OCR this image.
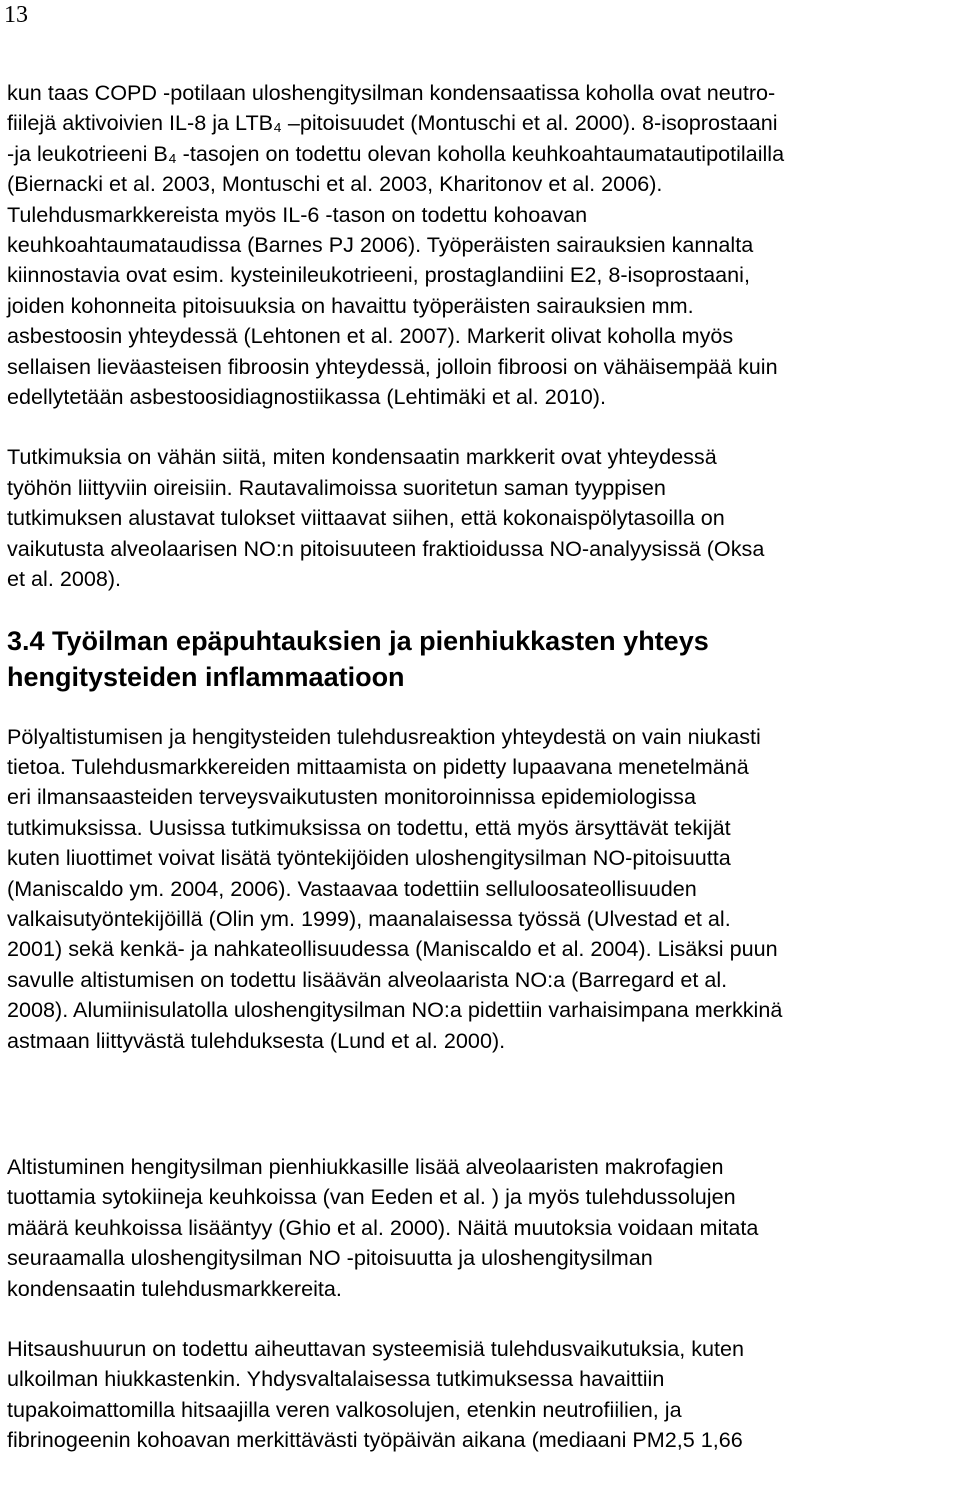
13

kun taas COPD -potilaan uloshengitysilman kondensaatissa koholla ovat neutro-
fiilejä aktivoivien IL-8 ja LTB₄ –pitoisuudet (Montuschi et al. 2000). 8-isoprostaani
-ja leukotrieeni B₄ -tasojen on todettu olevan koholla keuhkoahtaumatautipotilailla
(Biernacki et al. 2003, Montuschi et al. 2003, Kharitonov et al. 2006).
Tulehdusmarkkereista myös IL-6 -tason on todettu kohoavan
keuhkoahtaumataudissa (Barnes PJ 2006). Työperäisten sairauksien kannalta
kiinnostavia ovat esim. kysteinileukotrieeni, prostaglandiini E2, 8-isoprostaani,
joiden kohonneita pitoisuuksia on havaittu työperäisten sairauksien mm.
asbestoosin yhteydessä (Lehtonen et al. 2007). Markerit olivat koholla myös
sellaisen lieväasteisen fibroosin yhteydessä, jolloin fibroosi on vähäisempää kuin
edellytetään asbestoosidiagnostiikassa (Lehtimäki et al. 2010).

Tutkimuksia on vähän siitä, miten kondensaatin markkerit ovat yhteydessä
työhön liittyviin oireisiin. Rautavalimoissa suoritetun saman tyyppisen
tutkimuksen alustavat tulokset viittaavat siihen, että kokonaispölytasoilla on
vaikutusta alveolaarisen NO:n pitoisuuteen fraktioidussa NO-analyysissä (Oksa
et al. 2008).

3.4 Työilman epäpuhtauksien ja pienhiukkasten yhteys
hengitysteiden inflammaatioon

Pölyaltistumisen ja hengitysteiden tulehdusreaktion yhteydestä on vain niukasti
tietoa. Tulehdusmarkkereiden mittaamista on pidetty lupaavana menetelmänä
eri ilmansaasteiden terveysvaikutusten monitoroinnissa epidemiologissa
tutkimuksissa. Uusissa tutkimuksissa on todettu, että myös ärsyttävät tekijät
kuten liuottimet voivat lisätä työntekijöiden uloshengitysilman NO-pitoisuutta
(Maniscaldo ym. 2004, 2006). Vastaavaa todettiin selluloosateollisuuden
valkaisutyöntekijöillä (Olin ym. 1999), maanalaisessa työssä (Ulvestad et al.
2001) sekä kenkä- ja nahkateollisuudessa (Maniscaldo et al. 2004). Lisäksi puun
savulle altistumisen on todettu lisäävän alveolaarista NO:a (Barregard et al.
2008). Alumiinisulatolla uloshengitysilman NO:a pidettiin varhaisimpana merkkinä
astmaan liittyvästä tulehduksesta (Lund et al. 2000).

Altistuminen hengitysilman pienhiukkasille lisää alveolaaristen makrofagien
tuottamia sytokiineja keuhkoissa (van Eeden et al. ) ja myös tulehdussolujen
määrä keuhkoissa lisääntyy (Ghio et al. 2000). Näitä muutoksia voidaan mitata
seuraamalla uloshengitysilman NO -pitoisuutta ja uloshengitysilman
kondensaatin tulehdusmarkkereita.

Hitsaushuurun on todettu aiheuttavan systeemisiä tulehdusvaikutuksia, kuten
ulkoilman hiukkastenkin. Yhdysvaltalaisessa tutkimuksessa havaittiin
tupakoimattomilla hitsaajilla veren valkosolujen, etenkin neutrofiilien, ja
fibrinogeenin kohoavan merkittävästi työpäivän aikana (mediaani PM2,5 1,66
